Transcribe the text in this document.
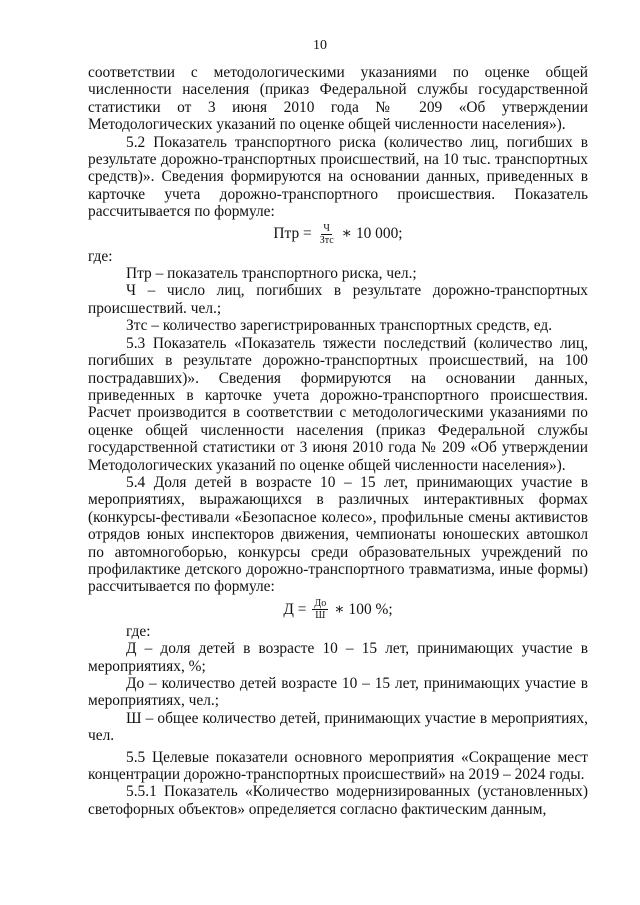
10

соответствии с методологическими указаниями по оценке общей численности населения (приказ Федеральной службы государственной статистики от 3 июня 2010 года № 209 «Об утверждении Методологических указаний по оценке общей численности населения»).

5.2 Показатель транспортного риска (количество лиц, погибших в результате дорожно-транспортных происшествий, на 10 тыс. транспортных средств)». Сведения формируются на основании данных, приведенных в карточке учета дорожно-транспортного происшествия. Показатель рассчитывается по формуле:

Птр = $\frac{Ч}{\text{Зтс}}$ ∗ 10 000;

где:

Птр – показатель транспортного риска, чел.;

Ч – число лиц, погибших в результате дорожно-транспортных происшествий. чел.;

Зтс – количество зарегистрированных транспортных средств, ед.

5.3 Показатель «Показатель тяжести последствий (количество лиц, погибших в результате дорожно-транспортных происшествий, на 100 пострадавших)». Сведения формируются на основании данных, приведенных в карточке учета дорожно-транспортного происшествия. Расчет производится в соответствии с методологическими указаниями по оценке общей численности населения (приказ Федеральной службы государственной статистики от 3 июня 2010 года № 209 «Об утверждении Методологических указаний по оценке общей численности населения»).

5.4 Доля детей в возрасте 10 – 15 лет, принимающих участие в мероприятиях, выражающихся в различных интерактивных формах (конкурсы-фестивали «Безопасное колесо», профильные смены активистов отрядов юных инспекторов движения, чемпионаты юношеских автошкол по автомногоборью, конкурсы среди образовательных учреждений по профилактике детского дорожно-транспортного травматизма, иные формы) рассчитывается по формуле:

$Д = \frac{До}{Ш}$ ∗ 100 %;

где:

Д – доля детей в возрасте 10 – 15 лет, принимающих участие в мероприятиях, %;

До – количество детей возрасте 10 – 15 лет, принимающих участие в мероприятиях, чел.;

Ш – общее количество детей, принимающих участие в мероприятиях, чел.

5.5 Целевые показатели основного мероприятия «Сокращение мест концентрации дорожно-транспортных происшествий» на 2019 – 2024 годы.

5.5.1 Показатель «Количество модернизированных (установленных) светофорных объектов» определяется согласно фактическим данным,
